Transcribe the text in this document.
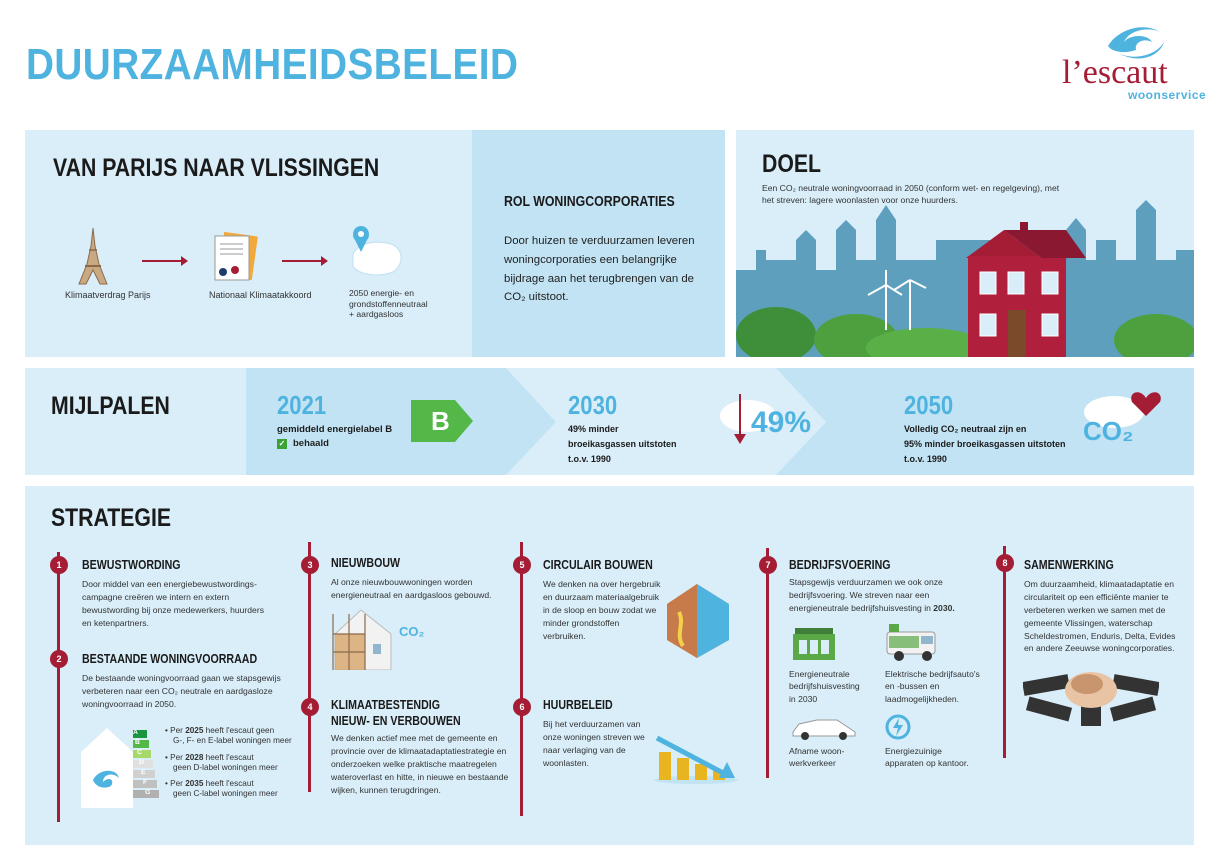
DUURZAAMHEIDSBELEID	l’escaut
woonservice
VAN PARIJS NAAR VLISSINGEN
Klimaatverdrag Parijs	Nationaal Klimaatakkoord	2050 energie- en
grondstoffenneutraal
+ aardgasloos
ROL WONINGCORPORATIES
Door huizen te verduurzamen leveren woningcorporaties een belangrijke bijdrage aan het terugbrengen van de CO₂ uitstoot.
DOEL
Een CO₂ neutrale woningvoorraad in 2050 (conform wet- en regelgeving), met het streven: lagere woonlasten voor onze huurders.
MIJLPALEN	2021
gemiddeld energielabel B
✓ behaald
B
2030
49% minder
broeikasgassen uitstoten
t.o.v. 1990
49%
2050
Volledig CO₂ neutraal zijn en
95% minder broeikasgassen uitstoten
t.o.v. 1990
CO₂
STRATEGIE
1	BEWUSTWORDING
Door middel van een energiebewustwordings-campagne creëren we intern en extern bewustwording bij onze medewerkers, huurders en ketenpartners.
2	BESTAANDE WONINGVOORRAAD
De bestaande woningvoorraad gaan we stapsgewijs verbeteren naar een CO₂ neutrale en aardgasloze woningvoorraad in 2050.
A
B
C
D
E
F
G
• Per 2025 heeft l'escaut geen
G-, F- en E-label woningen meer
• Per 2028 heeft l'escaut
geen D-label woningen meer
• Per 2035 heeft l'escaut
geen C-label woningen meer
3	NIEUWBOUW
Al onze nieuwbouwwoningen worden energieneutraal en aardgasloos gebouwd.
CO₂
4	KLIMAATBESTENDIG
NIEUW- EN VERBOUWEN
We denken actief mee met de gemeente en provincie over de klimaatadaptatiestrategie en onderzoeken welke praktische maatregelen wateroverlast en hitte, in nieuwe en bestaande wijken, kunnen terugdringen.
5	CIRCULAIR BOUWEN
We denken na over hergebruik en duurzaam materiaalgebruik in de sloop en bouw zodat we minder grondstoffen verbruiken.
6	HUURBELEID
Bij het verduurzamen van onze woningen streven we naar verlaging van de woonlasten.
7	BEDRIJFSVOERING
Stapsgewijs verduurzamen we ook onze bedrijfsvoering. We streven naar een energieneutrale bedrijfshuisvesting in 2030.
Energieneutrale
bedrijfshuisvesting
in 2030
Elektrische bedrijfsauto's
en -bussen en
laadmogelijkheden.
Afname woon-
werkverkeer
Energiezuinige
apparaten op kantoor.
8	SAMENWERKING
Om duurzaamheid, klimaatadaptatie en circulariteit op een efficiënte manier te verbeteren werken we samen met de gemeente Vlissingen, waterschap Scheldestromen, Enduris, Delta, Evides en andere Zeeuwse woningcorporaties.
